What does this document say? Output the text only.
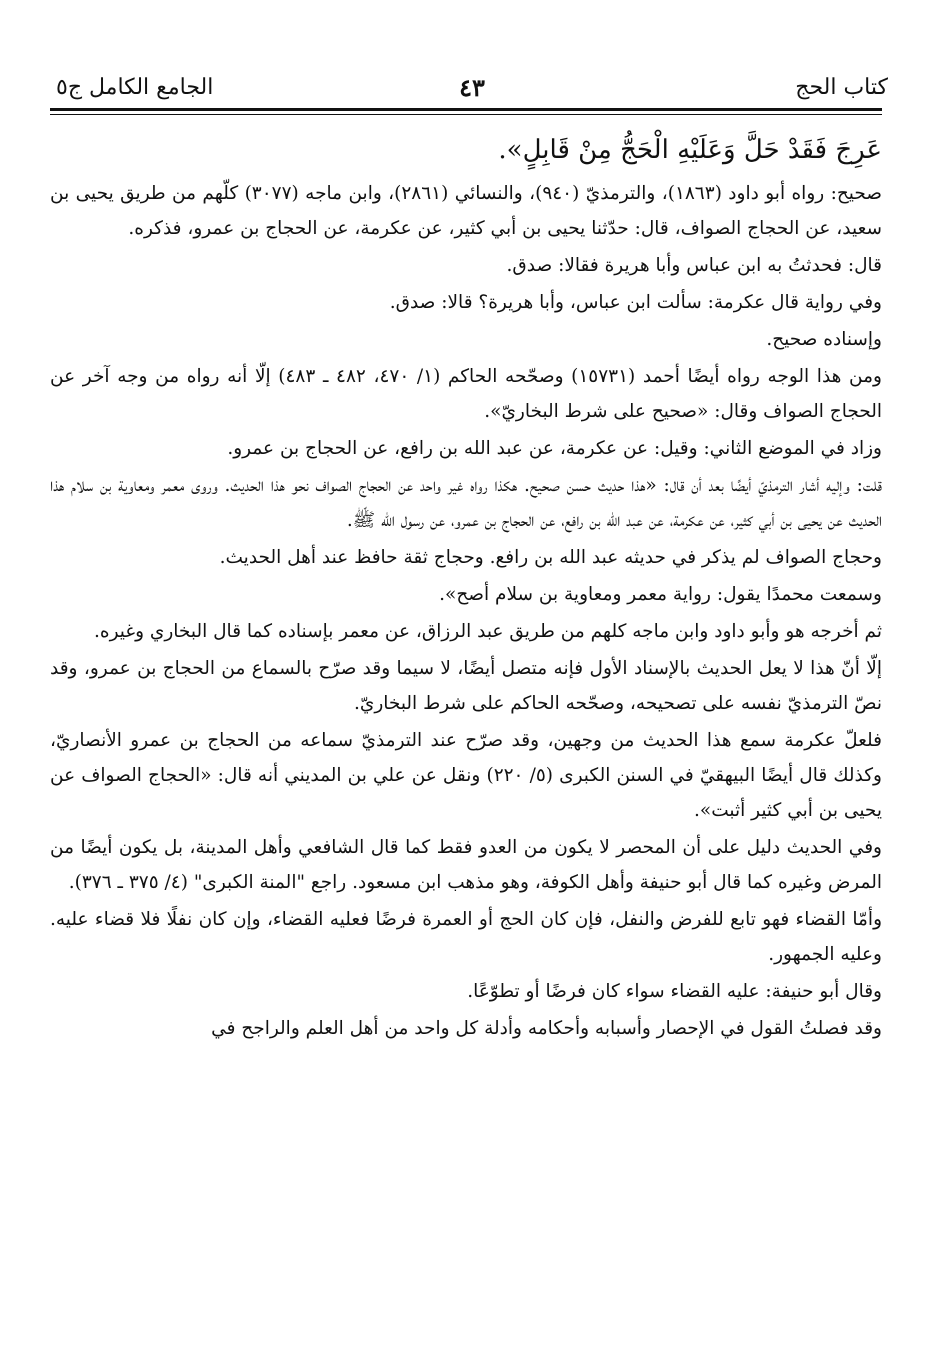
كتاب الحج
٤٣
الجامع الكامل ج٥

عَرِجَ فَقَدْ حَلَّ وَعَلَيْهِ الْحَجُّ مِنْ قَابِلٍ».

صحيح: رواه أبو داود (١٨٦٣)، والترمذيّ (٩٤٠)، والنسائي (٢٨٦١)، وابن ماجه (٣٠٧٧) كلّهم من طريق يحيى بن سعيد، عن الحجاج الصواف، قال: حدّثنا يحيى بن أبي كثير، عن عكرمة، عن الحجاج بن عمرو، فذكره.

قال: فحدثتُ به ابن عباس وأبا هريرة فقالا: صدق.

وفي رواية قال عكرمة: سألت ابن عباس، وأبا هريرة؟ قالا: صدق.

وإسناده صحيح.

ومن هذا الوجه رواه أيضًا أحمد (١٥٧٣١) وصحّحه الحاكم (١/ ٤٧٠، ٤٨٢ ـ ٤٨٣) إلّا أنه رواه من وجه آخر عن الحجاج الصواف وقال: «صحيح على شرط البخاريّ».

وزاد في الموضع الثاني: وقيل: عن عكرمة، عن عبد الله بن رافع، عن الحجاج بن عمرو.

قلت: وإليه أشار الترمذيّ أيضًا بعد أن قال: «هذا حديث حسن صحيح. هكذا رواه غير واحد عن الحجاج الصواف نحو هذا الحديث. وروى معمر ومعاوية بن سلام هذا الحديث عن يحيى بن أبي كثير، عن عكرمة، عن عبد الله بن رافع، عن الحجاج بن عمرو، عن رسول الله ﷺ.

وحجاج الصواف لم يذكر في حديثه عبد الله بن رافع. وحجاج ثقة حافظ عند أهل الحديث.

وسمعت محمدًا يقول: رواية معمر ومعاوية بن سلام أصح».

ثم أخرجه هو وأبو داود وابن ماجه كلهم من طريق عبد الرزاق، عن معمر بإسناده كما قال البخاري وغيره.

إلّا أنّ هذا لا يعل الحديث بالإسناد الأول فإنه متصل أيضًا، لا سيما وقد صرّح بالسماع من الحجاج بن عمرو، وقد نصّ الترمذيّ نفسه على تصحيحه، وصحّحه الحاكم على شرط البخاريّ.

فلعلّ عكرمة سمع هذا الحديث من وجهين، وقد صرّح عند الترمذيّ سماعه من الحجاج بن عمرو الأنصاريّ، وكذلك قال أيضًا البيهقيّ في السنن الكبرى (٥/ ٢٢٠) ونقل عن علي بن المديني أنه قال: «الحجاج الصواف عن يحيى بن أبي كثير أثبت».

وفي الحديث دليل على أن المحصر لا يكون من العدو فقط كما قال الشافعي وأهل المدينة، بل يكون أيضًا من المرض وغيره كما قال أبو حنيفة وأهل الكوفة، وهو مذهب ابن مسعود. راجع "المنة الكبرى" (٤/ ٣٧٥ ـ ٣٧٦).

وأمّا القضاء فهو تابع للفرض والنفل، فإن كان الحج أو العمرة فرضًا فعليه القضاء، وإن كان نفلًا فلا قضاء عليه. وعليه الجمهور.

وقال أبو حنيفة: عليه القضاء سواء كان فرضًا أو تطوّعًا.

وقد فصلتُ القول في الإحصار وأسبابه وأحكامه وأدلة كل واحد من أهل العلم والراجح في
